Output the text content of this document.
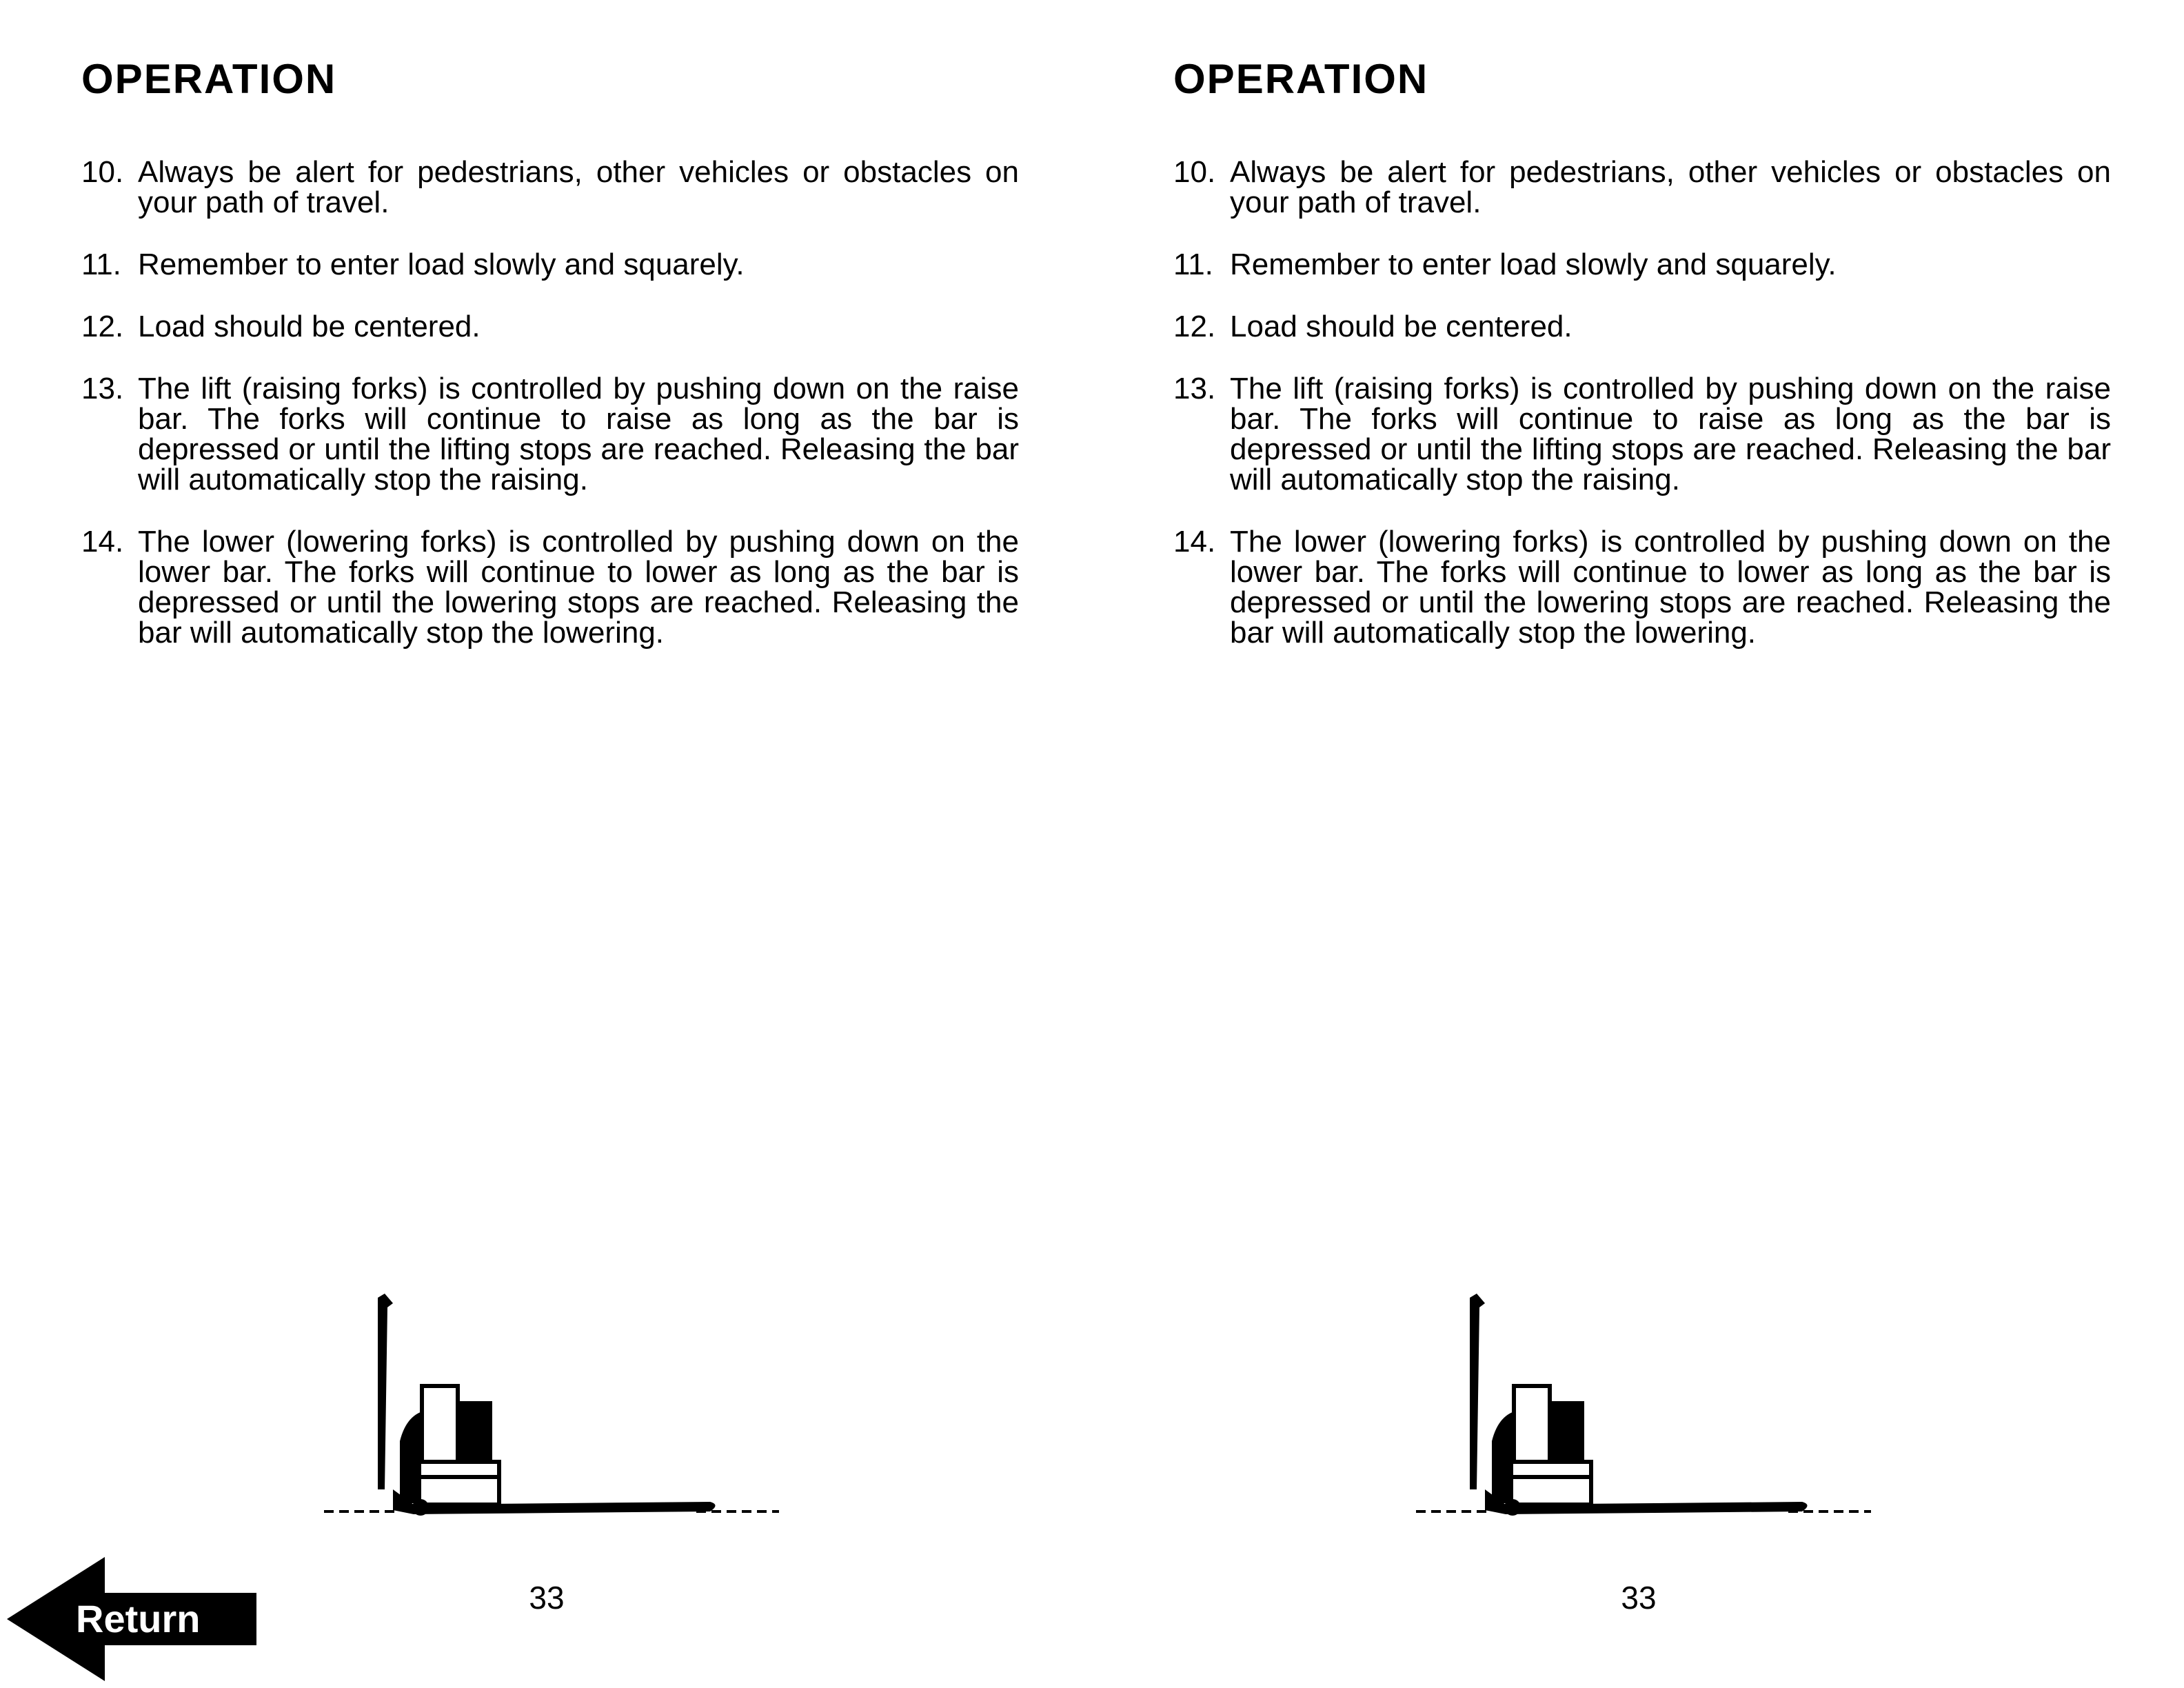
OPERATION
10. Always be alert for pedestrians, other vehicles or obstacles on your path of travel.
11. Remember to enter load slowly and squarely.
12. Load should be centered.
13. The lift (raising forks) is controlled by pushing down on the raise bar. The forks will continue to raise as long as the bar is depressed or until the lifting stops are reached. Releasing the bar will automatically stop the raising.
14. The lower (lowering forks) is controlled by pushing down on the lower bar. The forks will continue to lower as long as the bar is depressed or until the lowering stops are reached. Releasing the bar will automatically stop the lowering.
33
OPERATION
10. Always be alert for pedestrians, other vehicles or obstacles on your path of travel.
11. Remember to enter load slowly and squarely.
12. Load should be centered.
13. The lift (raising forks) is controlled by pushing down on the raise bar. The forks will continue to raise as long as the bar is depressed or until the lifting stops are reached. Releasing the bar will automatically stop the raising.
14. The lower (lowering forks) is controlled by pushing down on the lower bar. The forks will continue to lower as long as the bar is depressed or until the lowering stops are reached. Releasing the bar will automatically stop the lowering.
33
Return
